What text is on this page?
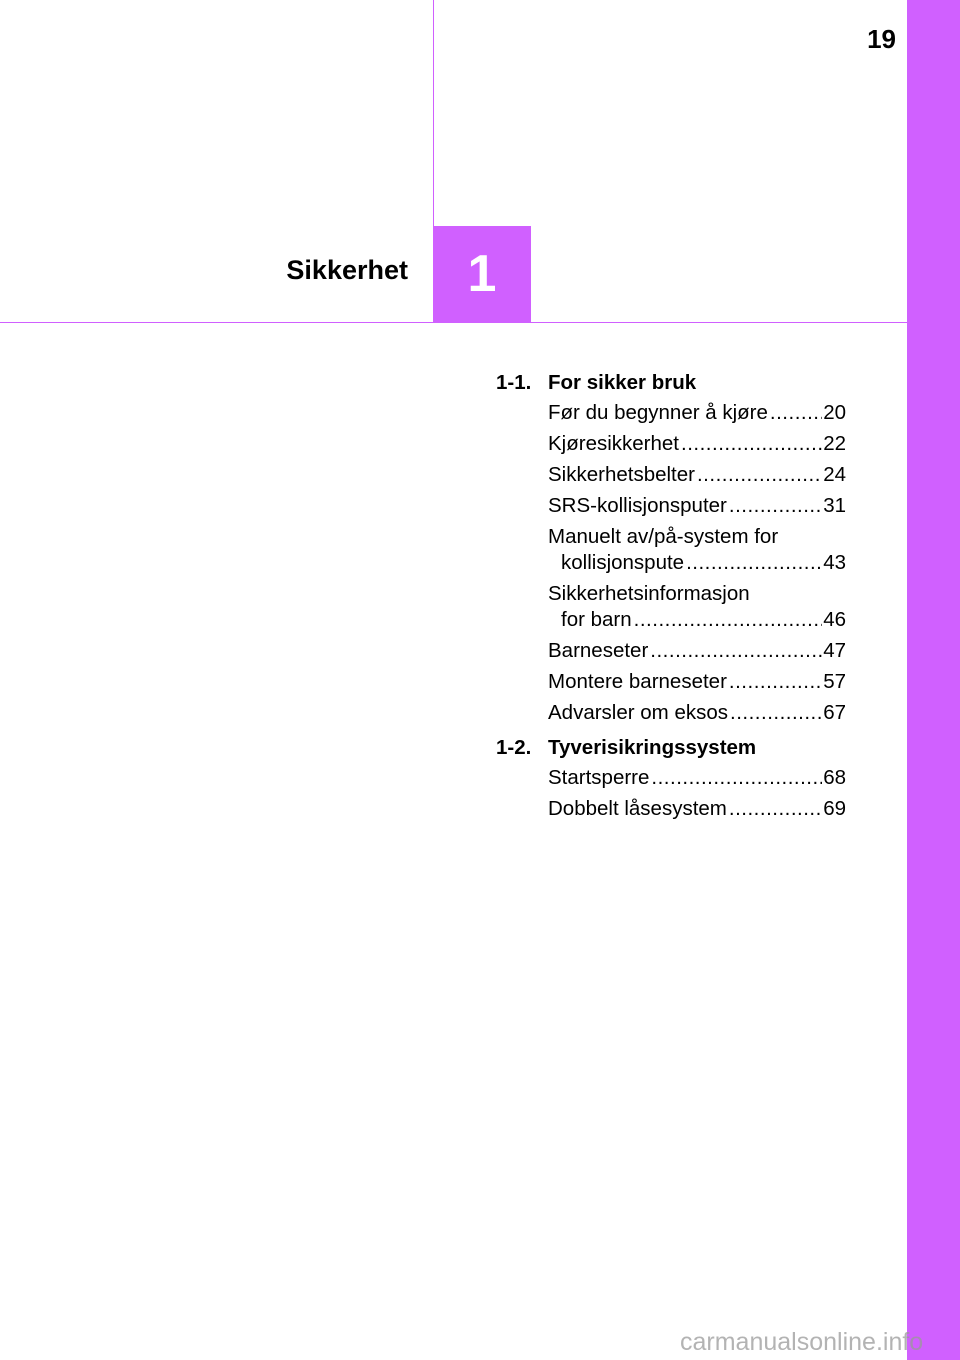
19
Sikkerhet	1
1-1. For sikker bruk
Før du begynner å kjøre .....	20
Kjøresikkerhet .....	22
Sikkerhetsbelter .....	24
SRS-kollisjonsputer .....	31
Manuelt av/på-system for
kollisjonspute .....	43
Sikkerhetsinformasjon
for barn .....	46
Barneseter .....	47
Montere barneseter .....	57
Advarsler om eksos .....	67
1-2. Tyverisikringssystem
Startsperre .....	68
Dobbelt låsesystem .....	69
carmanualsonline.info
